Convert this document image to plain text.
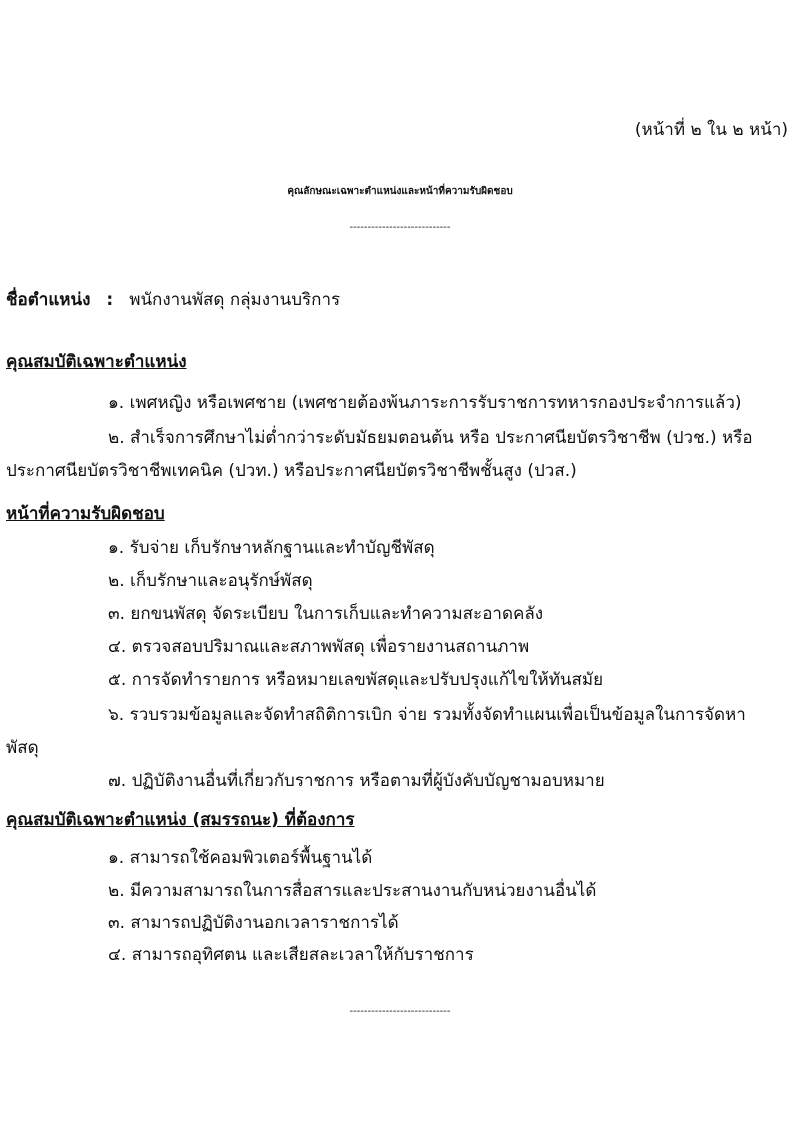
(หน้าที่ ๒ ใน ๒ หน้า)
คุณลักษณะเฉพาะตำแหน่งและหน้าที่ความรับผิดชอบ
----------------------------
ชื่อตำแหน่ง : พนักงานพัสดุ กลุ่มงานบริการ
คุณสมบัติเฉพาะตำแหน่ง
๑. เพศหญิง หรือเพศชาย (เพศชายต้องพ้นภาระการรับราชการทหารกองประจำการแล้ว)
๒. สำเร็จการศึกษาไม่ต่ำกว่าระดับมัธยมตอนต้น หรือ ประกาศนียบัตรวิชาชีพ (ปวช.) หรือ
ประกาศนียบัตรวิชาชีพเทคนิค (ปวท.) หรือประกาศนียบัตรวิชาชีพชั้นสูง (ปวส.)
หน้าที่ความรับผิดชอบ
๑. รับจ่าย เก็บรักษาหลักฐานและทำบัญชีพัสดุ
๒. เก็บรักษาและอนุรักษ์พัสดุ
๓. ยกขนพัสดุ จัดระเบียบ ในการเก็บและทำความสะอาดคลัง
๔. ตรวจสอบปริมาณและสภาพพัสดุ เพื่อรายงานสถานภาพ
๕. การจัดทำรายการ หรือหมายเลขพัสดุและปรับปรุงแก้ไขให้ทันสมัย
๖. รวบรวมข้อมูลและจัดทำสถิติการเบิก จ่าย รวมทั้งจัดทำแผนเพื่อเป็นข้อมูลในการจัดหา
พัสดุ
๗. ปฏิบัติงานอื่นที่เกี่ยวกับราชการ หรือตามที่ผู้บังคับบัญชามอบหมาย
คุณสมบัติเฉพาะตำแหน่ง (สมรรถนะ) ที่ต้องการ
๑. สามารถใช้คอมพิวเตอร์พื้นฐานได้
๒. มีความสามารถในการสื่อสารและประสานงานกับหน่วยงานอื่นได้
๓. สามารถปฏิบัติงานอกเวลาราชการได้
๔. สามารถอุทิศตน และเสียสละเวลาให้กับราชการ
----------------------------
